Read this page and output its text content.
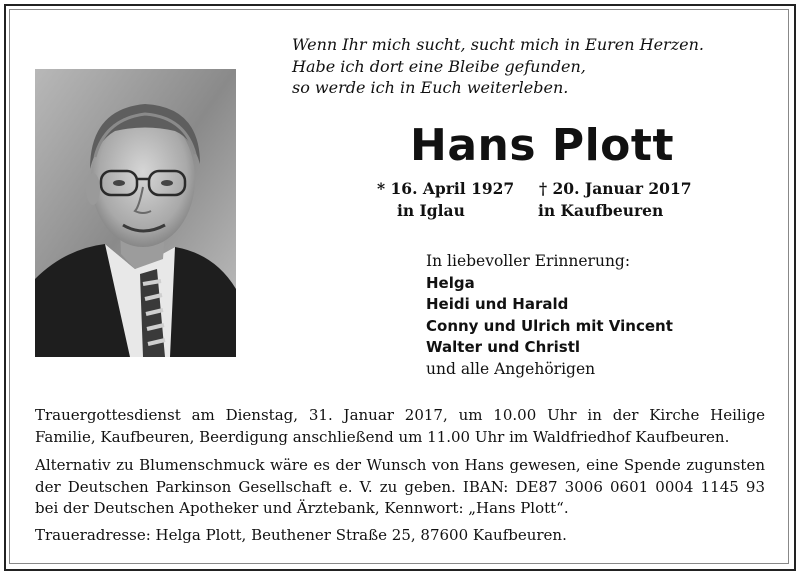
Wenn Ihr mich sucht, sucht mich in Euren Herzen.
Habe ich dort eine Bleibe gefunden,
so werde ich in Euch weiterleben.
Hans Plott
* 16. April 1927
in Iglau
† 20. Januar 2017
in Kaufbeuren
In liebevoller Erinnerung:
Helga
Heidi und Harald
Conny und Ulrich mit Vincent
Walter und Christl
und alle Angehörigen
Trauergottesdienst am Dienstag, 31. Januar 2017, um 10.00 Uhr in der Kirche Heilige
Familie, Kaufbeuren, Beerdigung anschließend um 11.00 Uhr im Waldfriedhof Kaufbeuren.
Alternativ zu Blumenschmuck wäre es der Wunsch von Hans gewesen, eine Spende zugunsten
der Deutschen Parkinson Gesellschaft e. V. zu geben. IBAN: DE87 3006 0601 0004 1145 93
bei der Deutschen Apotheker und Ärztebank, Kennwort: „Hans Plott“.
Traueradresse: Helga Plott, Beuthener Straße 25, 87600 Kaufbeuren.
